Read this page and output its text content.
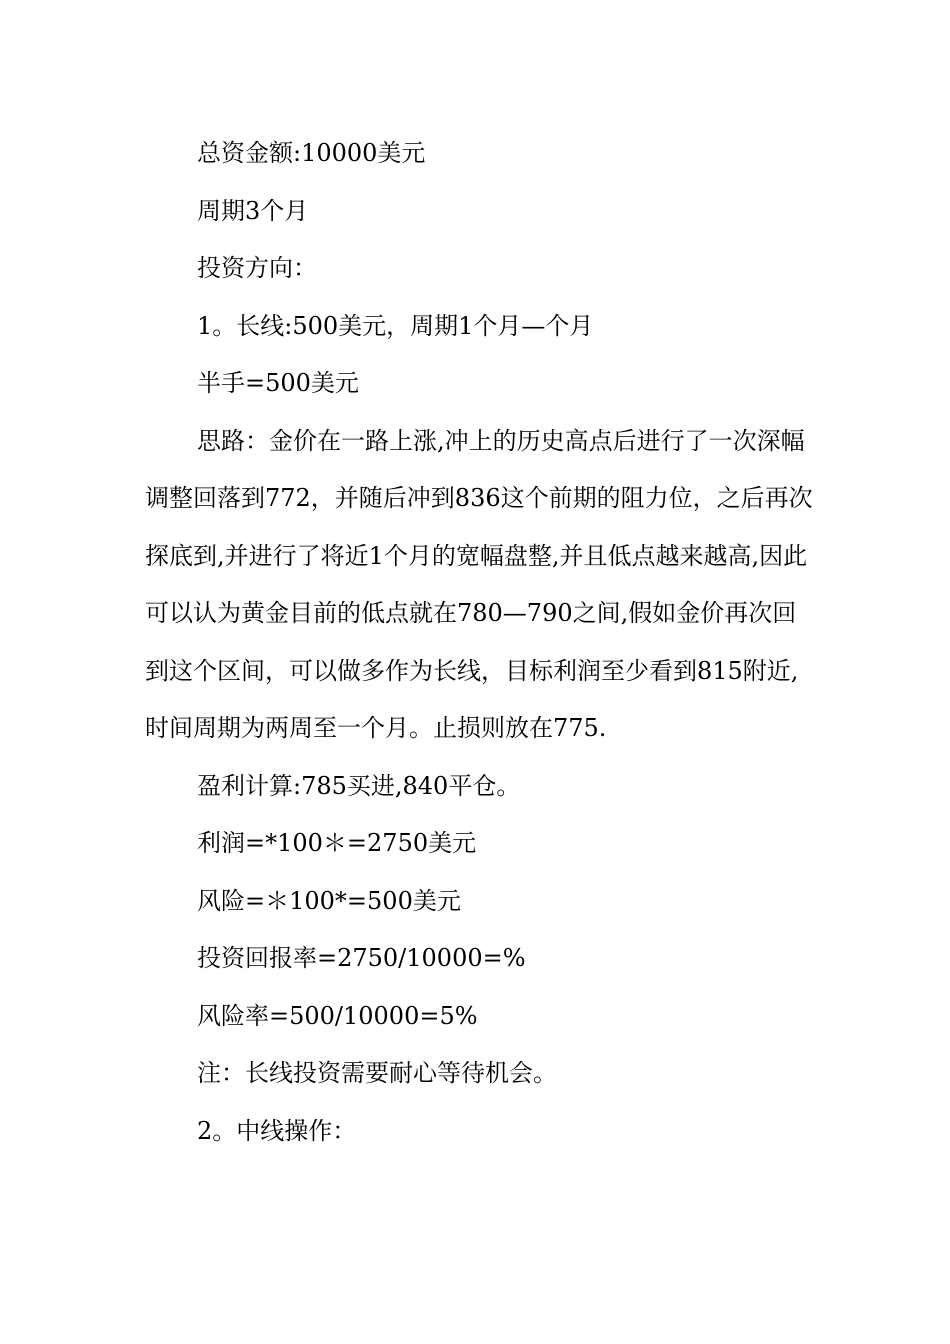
总资金额:10000美元

周期3个月

投资方向：

1。长线:500美元，周期1个月—个月

半手=500美元

思路：金价在一路上涨,冲上的历史高点后进行了一次深幅调整回落到772，并随后冲到836这个前期的阻力位，之后再次探底到,并进行了将近1个月的宽幅盘整,并且低点越来越高,因此可以认为黄金目前的低点就在780—790之间,假如金价再次回到这个区间，可以做多作为长线，目标利润至少看到815附近,时间周期为两周至一个月。止损则放在775.

盈利计算:785买进,840平仓。

利润=*100＊=2750美元

风险=＊100*=500美元

投资回报率=2750/10000=%

风险率=500/10000=5%

注：长线投资需要耐心等待机会。

2。中线操作：
